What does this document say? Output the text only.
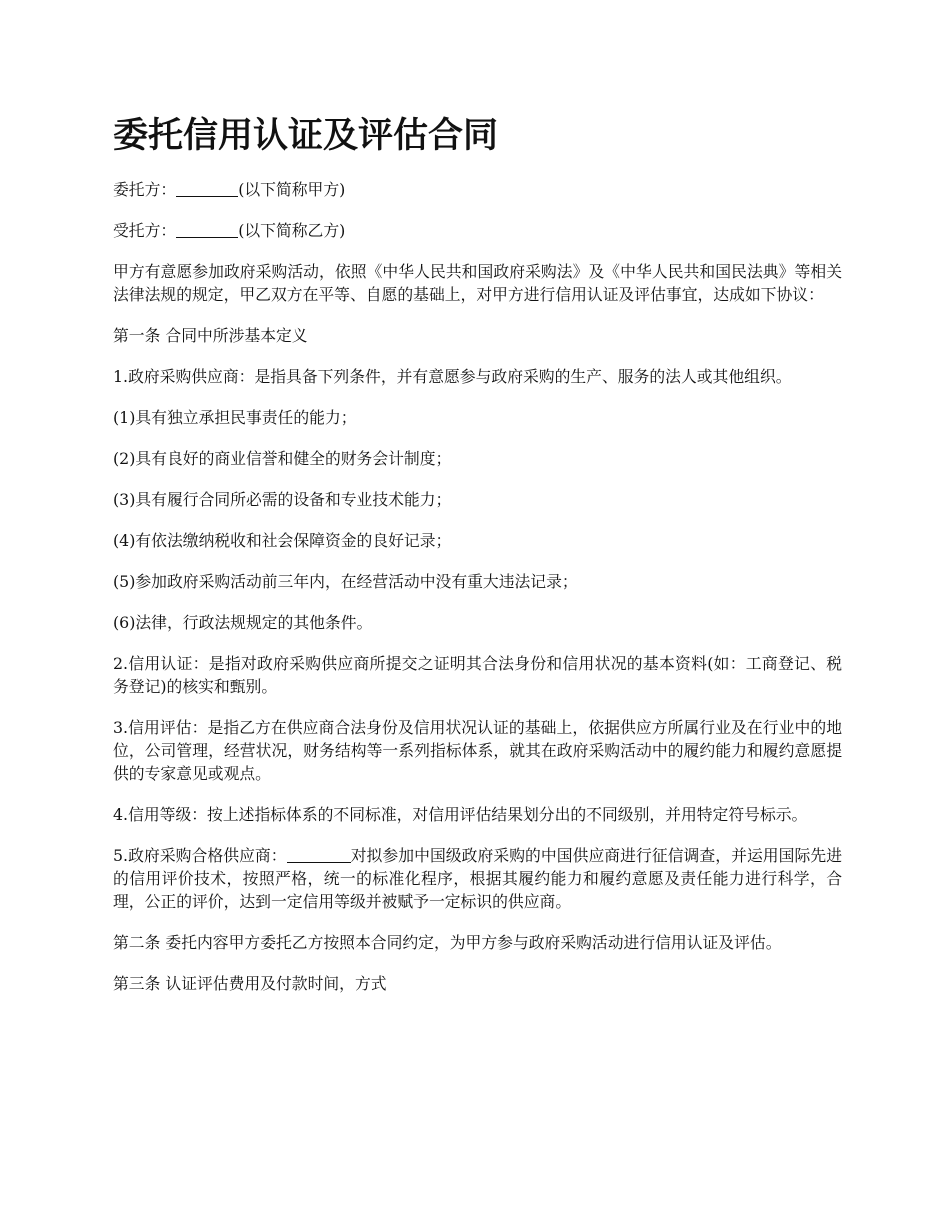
委托信用认证及评估合同

委托方：	(以下简称甲方)

受托方：	(以下简称乙方)

甲方有意愿参加政府采购活动，依照《中华人民共和国政府采购法》及《中华人民共和国民法典》等相关法律法规的规定，甲乙双方在平等、自愿的基础上，对甲方进行信用认证及评估事宜，达成如下协议：

第一条 合同中所涉基本定义

1.政府采购供应商：是指具备下列条件，并有意愿参与政府采购的生产、服务的法人或其他组织。

(1)具有独立承担民事责任的能力；

(2)具有良好的商业信誉和健全的财务会计制度；

(3)具有履行合同所必需的设备和专业技术能力；

(4)有依法缴纳税收和社会保障资金的良好记录；

(5)参加政府采购活动前三年内，在经营活动中没有重大违法记录；

(6)法律，行政法规规定的其他条件。

2.信用认证：是指对政府采购供应商所提交之证明其合法身份和信用状况的基本资料(如：工商登记、税务登记)的核实和甄别。

3.信用评估：是指乙方在供应商合法身份及信用状况认证的基础上，依据供应方所属行业及在行业中的地位，公司管理，经营状况，财务结构等一系列指标体系，就其在政府采购活动中的履约能力和履约意愿提供的专家意见或观点。

4.信用等级：按上述指标体系的不同标准，对信用评估结果划分出的不同级别，并用特定符号标示。

5.政府采购合格供应商：	对拟参加中国级政府采购的中国供应商进行征信调查，并运用国际先进的信用评价技术，按照严格，统一的标准化程序，根据其履约能力和履约意愿及责任能力进行科学，合理，公正的评价，达到一定信用等级并被赋予一定标识的供应商。

第二条 委托内容甲方委托乙方按照本合同约定，为甲方参与政府采购活动进行信用认证及评估。

第三条 认证评估费用及付款时间，方式
